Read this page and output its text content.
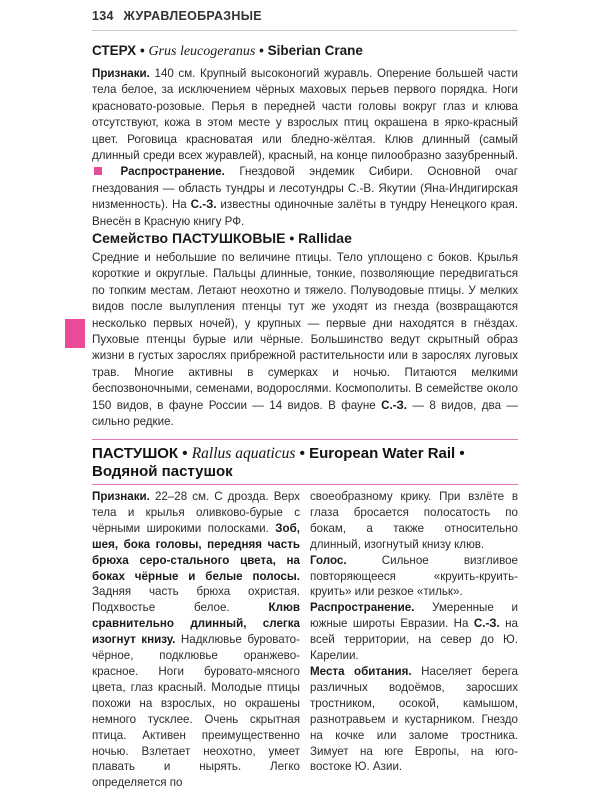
134 ЖУРАВЛЕОБРАЗНЫЕ
СТЕРХ • Grus leucogeranus • Siberian Crane

Признаки. 140 см. Крупный высоконогий журавль. Оперение большей части тела белое, за исключением чёрных маховых перьев первого порядка. Ноги красновато-розовые. Перья в передней части головы вокруг глаз и клюва отсутствуют, кожа в этом месте у взрослых птиц окрашена в ярко-красный цвет. Роговица красноватая или бледно-жёлтая. Клюв длинный (самый длинный среди всех журавлей), красный, на конце пилообразно зазубренный.  Распространение. Гнездовой эндемик Сибири. Основной очаг гнездования — область тундры и лесотундры С.-В. Якутии (Яна-Индигирская низменность). На С.-З. известны одиночные залёты в тундру Ненецкого края. Внесён в Красную книгу РФ.

Семейство ПАСТУШКОВЫЕ • Rallidae

Средние и небольшие по величине птицы. Тело уплощено с боков. Крылья короткие и округлые. Пальцы длинные, тонкие, позволяющие передвигаться по топким местам. Летают неохотно и тяжело. Полуводовые птицы. У мелких видов после вылупления птенцы тут же уходят из гнезда (возвращаются несколько первых ночей), у крупных — первые дни находятся в гнёздах. Пуховые птенцы бурые или чёрные. Большинство ведут скрытный образ жизни в густых зарослях прибрежной растительности или в зарослях луговых трав. Многие активны в сумерках и ночью. Питаются мелкими беспозвоночными, семенами, водорослями. Космополиты. В семействе около 150 видов, в фауне России — 14 видов. В фауне С.-З. — 8 видов, два — сильно редкие.

ПАСТУШОК • Rallus aquaticus • European Water Rail •
Водяной пастушок

Признаки. 22–28 см. С дрозда. Верх тела и крылья оливково-бурые с чёрными широкими полосками. Зоб, шея, бока головы, передняя часть брюха серо-стального цвета, на боках чёрные и белые полосы. Задняя часть брюха охристая. Подхвостье белое.	Клюв сравнительно длинный, слегка изогнут книзу. Надклювье буровато-чёрное, подклювье оранжево-красное. Ноги буровато-мясного цвета, глаз красный. Молодые птицы похожи на взрослых, но окрашены немного тусклее. Очень скрытная птица. Активен преимущественно ночью. Взлетает неохотно, умеет плавать и нырять. Легко определяется по

своеобразному крику. При взлёте в глаза бросается полосатость по бокам, а также относительно длинный, изогнутый книзу клюв.

Голос.	Сильное визгливое повторяющееся «круить-круить-круить» или резкое «тильк».

Распространение. Умеренные и южные широты Евразии. На С.-З. на всей территории, на север до Ю. Карелии.

Места обитания. Населяет берега различных водоёмов, заросших тростником, осокой, камышом, разнотравьем и кустарником. Гнездо на кочке или заломе тростника. Зимует на юге Европы, на юго-востоке Ю. Азии.
